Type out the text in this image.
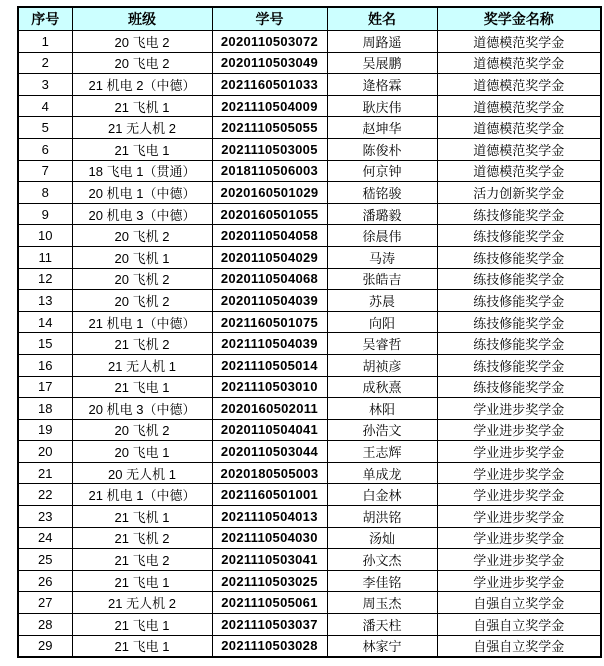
序号	班级	学号	姓名	奖学金名称
1	20 飞电 2	2020110503072	周路遥	道德模范奖学金
2	20 飞电 2	2020110503049	吴展鹏	道德模范奖学金
3	21 机电 2（中德）	2021160501033	逄格霖	道德模范奖学金
4	21 飞机 1	2021110504009	耿庆伟	道德模范奖学金
5	21 无人机 2	2021110505055	赵坤华	道德模范奖学金
6	21 飞电 1	2021110503005	陈俊朴	道德模范奖学金
7	18 飞电 1（贯通）	2018110506003	何京钟	道德模范奖学金
8	20 机电 1（中德）	2020160501029	嵇铭骏	活力创新奖学金
9	20 机电 3（中德）	2020160501055	潘璐毅	练技修能奖学金
10	20 飞机 2	2020110504058	徐晨伟	练技修能奖学金
11	20 飞机 1	2020110504029	马涛	练技修能奖学金
12	20 飞机 2	2020110504068	张皓吉	练技修能奖学金
13	20 飞机 2	2020110504039	苏晨	练技修能奖学金
14	21 机电 1（中德）	2021160501075	向阳	练技修能奖学金
15	21 飞机 2	2021110504039	吴睿哲	练技修能奖学金
16	21 无人机 1	2021110505014	胡祯彦	练技修能奖学金
17	21 飞电 1	2021110503010	成秋熹	练技修能奖学金
18	20 机电 3（中德）	2020160502011	林阳	学业进步奖学金
19	20 飞机 2	2020110504041	孙浩文	学业进步奖学金
20	20 飞电 1	2020110503044	王志辉	学业进步奖学金
21	20 无人机 1	2020180505003	单成龙	学业进步奖学金
22	21 机电 1（中德）	2021160501001	白金林	学业进步奖学金
23	21 飞机 1	2021110504013	胡洪铭	学业进步奖学金
24	21 飞机 2	2021110504030	汤灿	学业进步奖学金
25	21 飞电 2	2021110503041	孙文杰	学业进步奖学金
26	21 飞电 1	2021110503025	李佳铭	学业进步奖学金
27	21 无人机 2	2021110505061	周玉杰	自强自立奖学金
28	21 飞电 1	2021110503037	潘天柱	自强自立奖学金
29	21 飞电 1	2021110503028	林家宁	自强自立奖学金
